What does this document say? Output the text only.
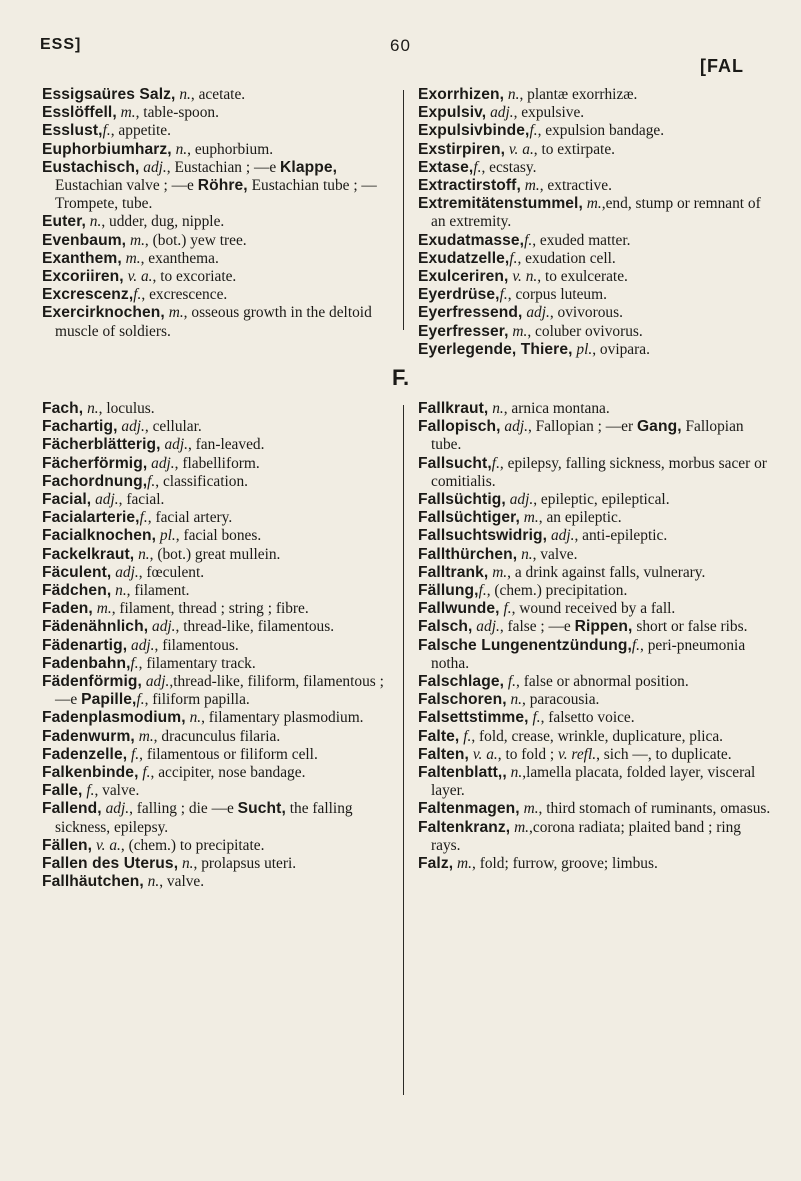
ESS]	60
[FAL

Essigsaüres Salz, n., acetate.

Esslöffell, m., table-spoon.

Esslust,f., appetite.

Euphorbiumharz, n., euphorbium.

Eustachisch, adj., Eustachian ; —e Klappe, Eustachian valve ; —e Röhre, Eustachian tube ; — Trompete, tube.

Euter, n., udder, dug, nipple.

Evenbaum, m., (bot.) yew tree.

Exanthem, m., exanthema.

Excoriiren, v. a., to excoriate.

Excrescenz,f., excrescence.

Exercirknochen, m., osseous growth in the deltoid muscle of soldiers.

Exorrhizen, n., plantæ exorrhizæ.

Expulsiv, adj., expulsive.

Expulsivbinde,f., expulsion bandage.

Exstirpiren, v. a., to extirpate.

Extase,f., ecstasy.

Extractirstoff, m., extractive.

Extremitätenstummel, m.,end, stump or remnant of an extremity.

Exudatmasse,f., exuded matter.

Exudatzelle,f., exudation cell.

Exulceriren, v. n., to exulcerate.

Eyerdrüse,f., corpus luteum.

Eyerfressend, adj., ovivorous.

Eyerfresser, m., coluber ovivorus.

Eyerlegende, Thiere, pl., ovipara.

F.

Fach, n., loculus.

Fachartig, adj., cellular.

Fächerblätterig, adj., fan-leaved.

Fächerförmig, adj., flabelliform.

Fachordnung,f., classification.

Facial, adj., facial.

Facialarterie,f., facial artery.

Facialknochen, pl., facial bones.

Fackelkraut, n., (bot.) great mullein.

Fäculent, adj., fœculent.

Fädchen, n., filament.

Faden, m., filament, thread ; string ; fibre.

Fädenähnlich, adj., thread-like, filamentous.

Fädenartig, adj., filamentous.

Fadenbahn,f., filamentary track.

Fädenförmig, adj.,thread-like, filiform, filamentous ; —e Papille,f., filiform papilla.

Fadenplasmodium, n., filamentary plasmodium.

Fadenwurm, m., dracunculus filaria.

Fadenzelle, f., filamentous or filiform cell.

Falkenbinde, f., accipiter, nose bandage.

Falle, f., valve.

Fallend, adj., falling ; die —e Sucht, the falling sickness, epilepsy.

Fällen, v. a., (chem.) to precipitate.

Fallen des Uterus, n., prolapsus uteri.

Fallhäutchen, n., valve.

Fallkraut, n., arnica montana.

Fallopisch, adj., Fallopian ; —er Gang, Fallopian tube.

Fallsucht,f., epilepsy, falling sickness, morbus sacer or comitialis.

Fallsüchtig, adj., epileptic, epileptical.

Fallsüchtiger, m., an epileptic.

Fallsuchtswidrig, adj., anti-epileptic.

Fallthürchen, n., valve.

Falltrank, m., a drink against falls, vulnerary.

Fällung,f., (chem.) precipitation.

Fallwunde, f., wound received by a fall.

Falsch, adj., false ; —e Rippen, short or false ribs.

Falsche Lungenentzündung,f., peri-pneumonia notha.

Falschlage, f., false or abnormal position.

Falschoren, n., paracousia.

Falsettstimme, f., falsetto voice.

Falte, f., fold, crease, wrinkle, duplicature, plica.

Falten, v. a., to fold ; v. refl., sich —, to duplicate.

Faltenblatt,, n.,lamella placata, folded layer, visceral layer.

Faltenmagen, m., third stomach of ruminants, omasus.

Faltenkranz, m.,corona radiata; plaited band ; ring rays.

Falz, m., fold; furrow, groove; limbus.
